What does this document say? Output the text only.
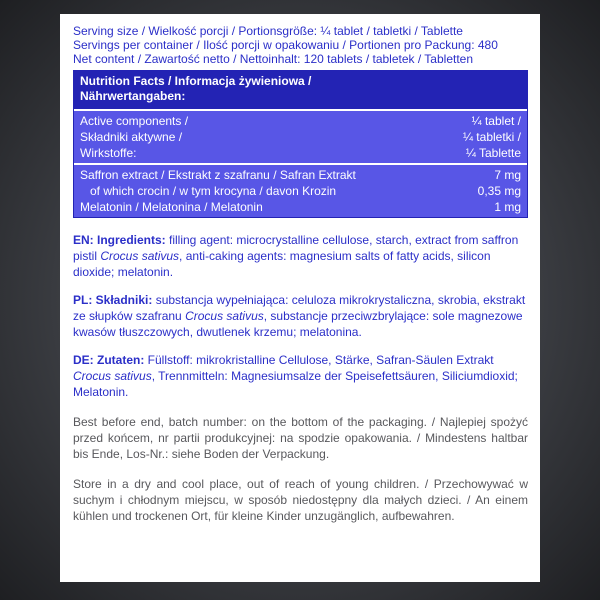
Serving size / Wielkość porcji / Portionsgröße: ¼ tablet / tabletki / Tablette
Servings per container / Ilość porcji w opakowaniu / Portionen pro Packung: 480
Net content / Zawartość netto / Nettoinhalt: 120 tablets / tabletek / Tabletten
Nutrition Facts / Informacja żywieniowa /
Nährwertangaben:
Active components /	¼ tablet /
Składniki aktywne /	¼ tabletki /
Wirkstoffe:	¼ Tablette
Saffron extract / Ekstrakt z szafranu / Safran Extrakt	7 mg
of which crocin / w tym krocyna / davon Krozin	0,35 mg
Melatonin / Melatonina / Melatonin	1 mg
EN: Ingredients: filling agent: microcrystalline cellulose, starch, extract from saffron pistil Crocus sativus, anti-caking agents: magnesium salts of fatty acids, silicon dioxide; melatonin.
PL: Składniki: substancja wypełniająca: celuloza mikrokrystaliczna, skrobia, ekstrakt ze słupków szafranu Crocus sativus, substancje przeciwzbrylające: sole magnezowe kwasów tłuszczowych, dwutlenek krzemu; melatonina.
DE: Zutaten: Füllstoff: mikrokristalline Cellulose, Stärke, Safran-Säulen Extrakt Crocus sativus, Trennmitteln: Magnesiumsalze der Speisefettsäuren, Siliciumdioxid; Melatonin.
Best before end, batch number: on the bottom of the packaging. / Najlepiej spożyć przed końcem, nr partii produkcyjnej: na spodzie opakowania. / Mindestens haltbar bis Ende, Los-Nr.: siehe Boden der Verpackung.
Store in a dry and cool place, out of reach of young children. / Przechowywać w suchym i chłodnym miejscu, w sposób niedostępny dla małych dzieci. / An einem kühlen und trockenen Ort, für kleine Kinder unzugänglich, aufbewahren.
